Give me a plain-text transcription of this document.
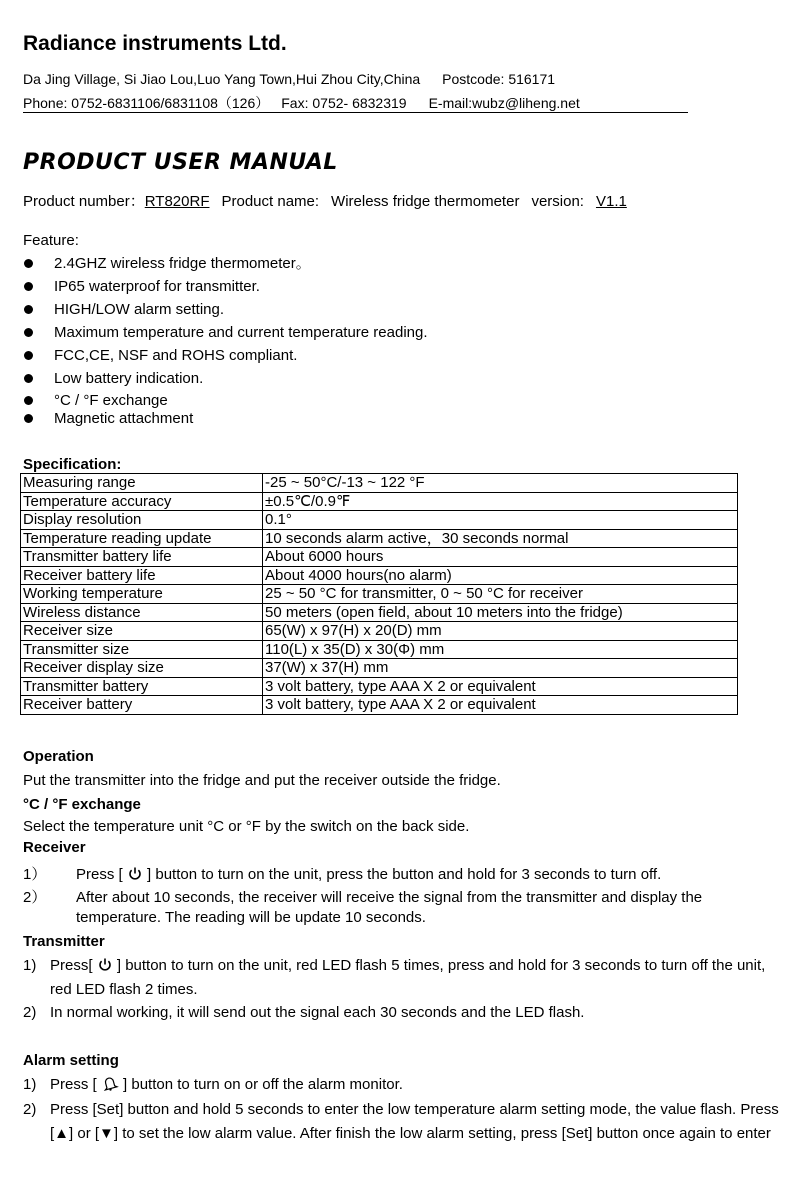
Radiance instruments Ltd.
Da Jing Village, Si Jiao Lou,Luo Yang Town,Hui Zhou City,China Postcode: 516171
Phone: 0752-6831106/6831108（126） Fax: 0752- 6832319 E-mail:wubz@liheng.net
PRODUCT USER MANUAL
Product number：RT820RF Product name: Wireless fridge thermometer version: V1.1
Feature:
2.4GHZ wireless fridge thermometer。
IP65 waterproof for transmitter.
HIGH/LOW alarm setting.
Maximum temperature and current temperature reading.
FCC,CE, NSF and ROHS compliant.
Low battery indication.
°C / °F exchange
Magnetic attachment
Specification:
Measuring range	-25 ~ 50°C/-13 ~ 122 °F
Temperature accuracy	±0.5℃/0.9℉
Display resolution	0.1°
Temperature reading update	10 seconds alarm active，30 seconds normal
Transmitter battery life	About 6000 hours
Receiver battery life	About 4000 hours(no alarm)
Working temperature	25 ~ 50 °C for transmitter, 0 ~ 50 °C for receiver
Wireless distance	50 meters (open field, about 10 meters into the fridge)
Receiver size	65(W) x 97(H) x 20(D) mm
Transmitter size	110(L) x 35(D) x 30(Φ) mm
Receiver display size	37(W) x 37(H) mm
Transmitter battery	3 volt battery, type AAA X 2 or equivalent
Receiver battery	3 volt battery, type AAA X 2 or equivalent
Operation
Put the transmitter into the fridge and put the receiver outside the fridge.
°C / °F exchange
Select the temperature unit °C or °F by the switch on the back side.
Receiver
1） Press [ ] button to turn on the unit, press the button and hold for 3 seconds to turn off.
2） After about 10 seconds, the receiver will receive the signal from the transmitter and display the
temperature. The reading will be update 10 seconds.
Transmitter
1) Press[ ] button to turn on the unit, red LED flash 5 times, press and hold for 3 seconds to turn off the unit,
red LED flash 2 times.
2) In normal working, it will send out the signal each 30 seconds and the LED flash.
Alarm setting
1) Press [ ] button to turn on or off the alarm monitor.
2) Press [Set] button and hold 5 seconds to enter the low temperature alarm setting mode, the value flash. Press
[▲] or [▼] to set the low alarm value. After finish the low alarm setting, press [Set] button once again to enter
